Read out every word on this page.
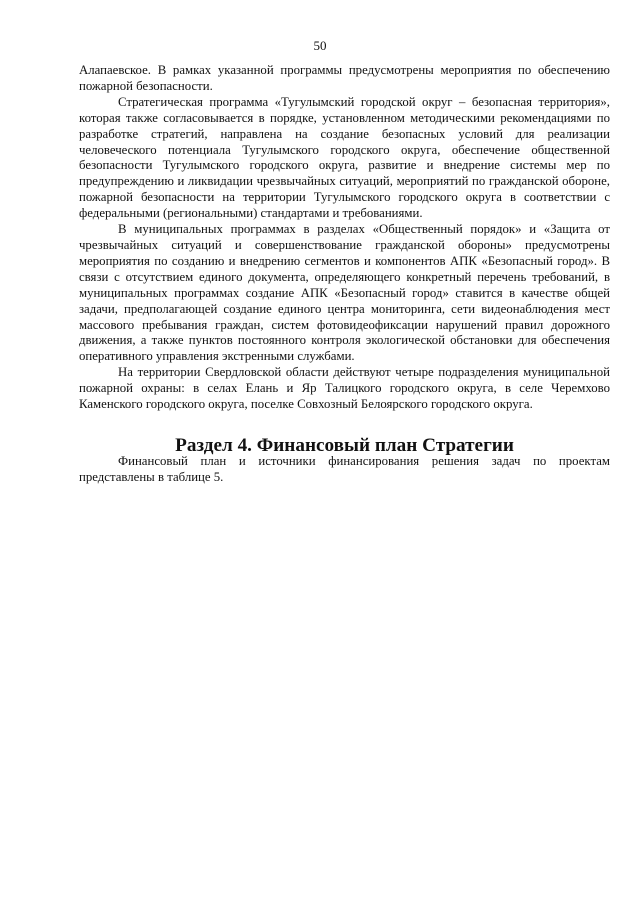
50

Алапаевское. В рамках указанной программы предусмотрены мероприятия по обеспечению пожарной безопасности.

Стратегическая программа «Тугулымский городской округ – безопасная территория», которая также согласовывается в порядке, установленном методическими рекомендациями по разработке стратегий, направлена на создание безопасных условий для реализации человеческого потенциала Тугулымского городского округа, обеспечение общественной безопасности Тугулымского городского округа, развитие и внедрение системы мер по предупреждению и ликвидации чрезвычайных ситуаций, мероприятий по гражданской обороне, пожарной безопасности на территории Тугулымского городского округа в соответствии с федеральными (региональными) стандартами и требованиями.

В муниципальных программах в разделах «Общественный порядок» и «Защита от чрезвычайных ситуаций и совершенствование гражданской обороны» предусмотрены мероприятия по созданию и внедрению сегментов и компонентов АПК «Безопасный город». В связи с отсутствием единого документа, определяющего конкретный перечень требований, в муниципальных программах создание АПК «Безопасный город» ставится в качестве общей задачи, предполагающей создание единого центра мониторинга, сети видеонаблюдения мест массового пребывания граждан, систем фотовидеофиксации нарушений правил дорожного движения, а также пунктов постоянного контроля экологической обстановки для обеспечения оперативного управления экстренными службами.

На территории Свердловской области действуют четыре подразделения муниципальной пожарной охраны: в селах Елань и Яр Талицкого городского округа, в селе Черемхово Каменского городского округа, поселке Совхозный Белоярского городского округа.

Раздел 4. Финансовый план Стратегии

Финансовый план и источники финансирования решения задач по проектам представлены в таблице 5.
